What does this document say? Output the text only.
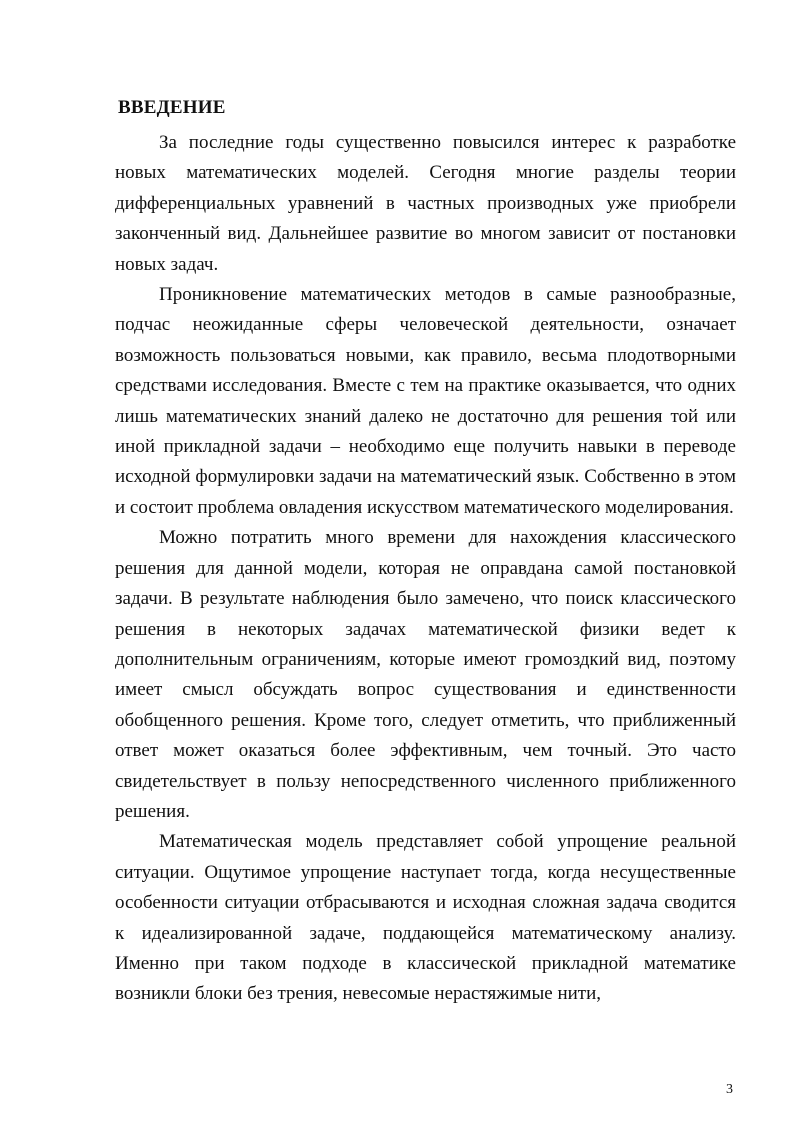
ВВЕДЕНИЕ

За последние годы существенно повысился интерес к разработке новых математических моделей. Сегодня многие разделы теории дифференциальных уравнений в частных производных уже приобрели законченный вид. Дальнейшее развитие во многом зависит от постановки новых задач.

Проникновение математических методов в самые разнообразные, подчас неожиданные сферы человеческой деятельности, означает возможность пользоваться новыми, как правило, весьма плодотворными средствами исследования. Вместе с тем на практике оказывается, что одних лишь математических знаний далеко не достаточно для решения той или иной прикладной задачи – необходимо еще получить навыки в переводе исходной формулировки задачи на математический язык. Собственно в этом и состоит проблема овладения искусством математического моделирования.

Можно потратить много времени для нахождения классического решения для данной модели, которая не оправдана самой постановкой задачи. В результате наблюдения было замечено, что поиск классического решения в некоторых задачах математической физики ведет к дополнительным ограничениям, которые имеют громоздкий вид, поэтому имеет смысл обсуждать вопрос существования и единственности обобщенного решения. Кроме того, следует отметить, что приближенный ответ может оказаться более эффективным, чем точный. Это часто свидетельствует в пользу непосредственного численного приближенного решения.

Математическая модель представляет собой упрощение реальной ситуации. Ощутимое упрощение наступает тогда, когда несущественные особенности ситуации отбрасываются и исходная сложная задача сводится к идеализированной задаче, поддающейся математическому анализу. Именно при таком подходе в классической прикладной математике возникли блоки без трения, невесомые нерастяжимые нити,

3
